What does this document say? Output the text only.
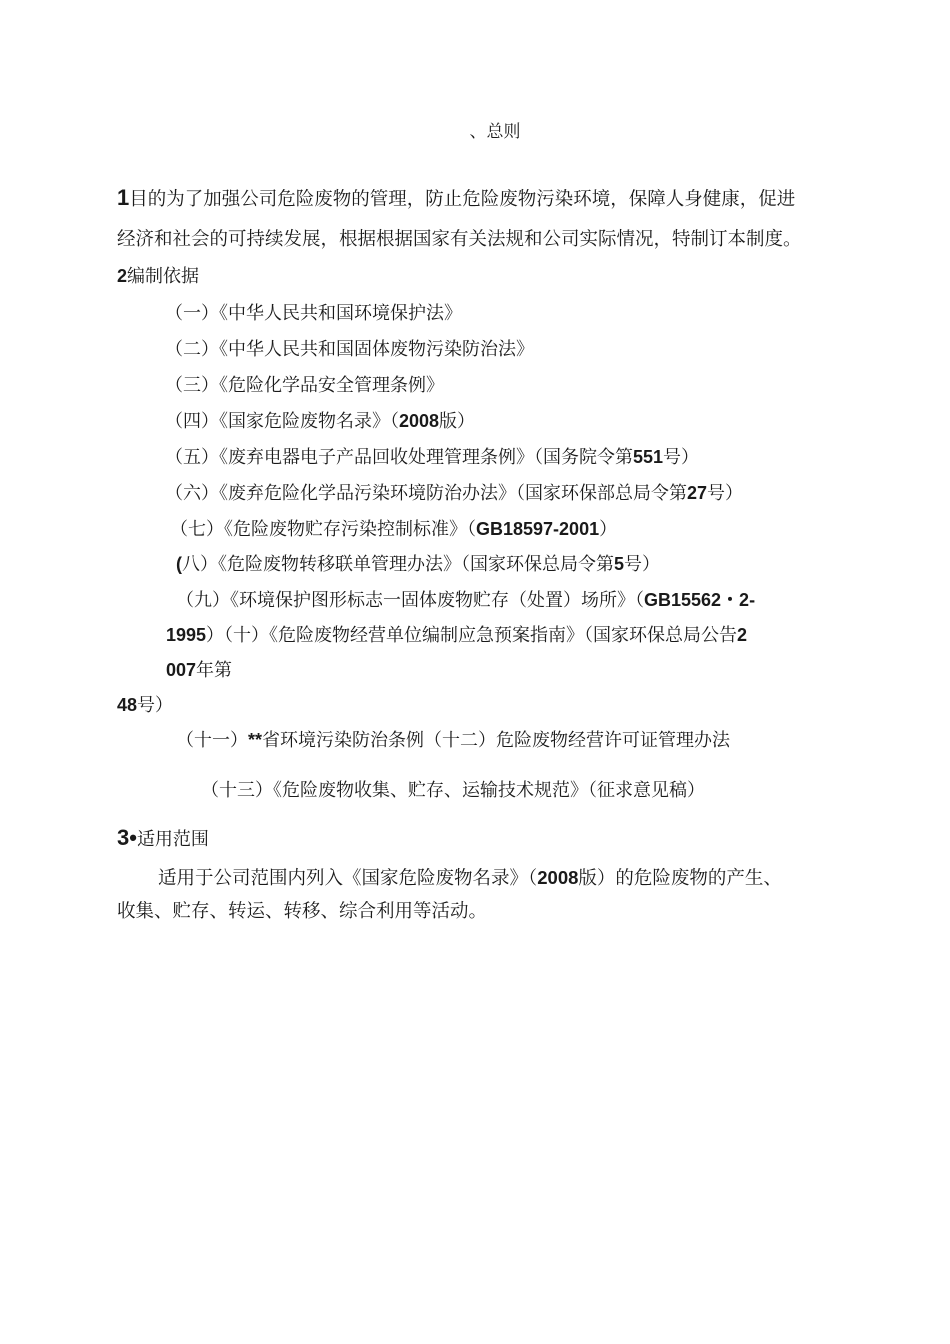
、总则
1目的为了加强公司危险废物的管理，防止危险废物污染环境，保障人身健康，促进
经济和社会的可持续发展，根据根据国家有关法规和公司实际情况，特制订本制度。
2编制依据
（一）《中华人民共和国环境保护法》
（二）《中华人民共和国固体废物污染防治法》
（三）《危险化学品安全管理条例》
（四）《国家危险废物名录》（2008版）
（五）《废弃电器电子产品回收处理管理条例》（国务院令第551号）
（六）《废弃危险化学品污染环境防治办法》（国家环保部总局令第27号）
（七）《危险废物贮存污染控制标准》（GB18597-2001）
(八）《危险废物转移联单管理办法》（国家环保总局令第5号）
（九）《环境保护图形标志一固体废物贮存（处置）场所》（GB15562・2-
1995）（十）《危险废物经营单位编制应急预案指南》（国家环保总局公告2
007年第
48号）
（十一）**省环境污染防治条例（十二）危险废物经营许可证管理办法
（十三）《危险废物收集、贮存、运输技术规范》（征求意见稿）
3•适用范围
适用于公司范围内列入《国家危险废物名录》（2008版）的危险废物的产生、
收集、贮存、转运、转移、综合利用等活动。
